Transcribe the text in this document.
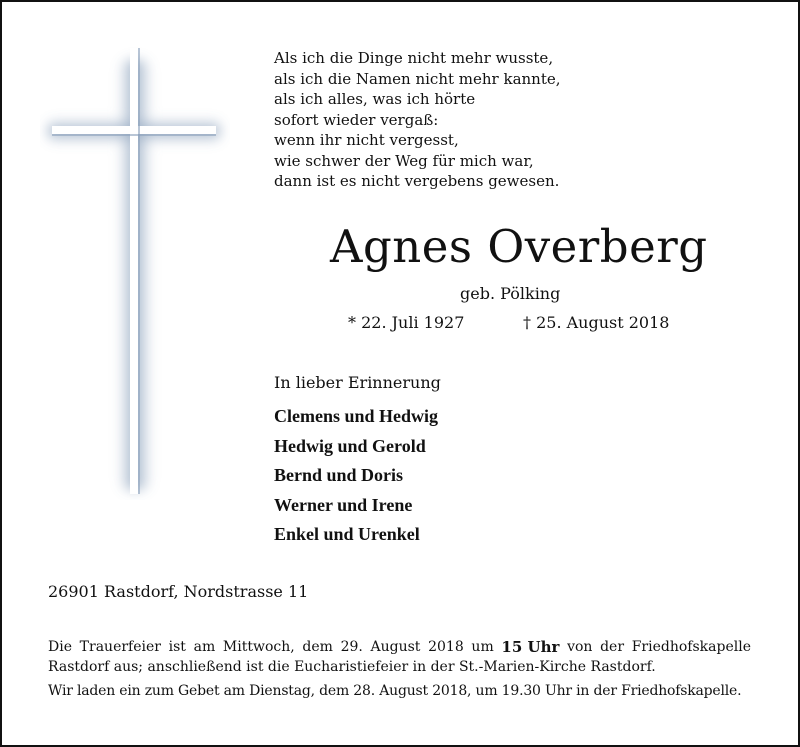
Als ich die Dinge nicht mehr wusste,
als ich die Namen nicht mehr kannte,
als ich alles, was ich hörte
sofort wieder vergaß:
wenn ihr nicht vergesst,
wie schwer der Weg für mich war,
dann ist es nicht vergebens gewesen.
Agnes Overberg
geb. Pölking
* 22. Juli 1927	† 25. August 2018
In lieber Erinnerung
Clemens und Hedwig
Hedwig und Gerold
Bernd und Doris
Werner und Irene
Enkel und Urenkel
26901 Rastdorf, Nordstrasse 11
Die Trauerfeier ist am Mittwoch, dem 29. August 2018 um 15 Uhr von der Friedhofskapelle
Rastdorf aus; anschließend ist die Eucharistiefeier in der St.-Marien-Kirche Rastdorf.
Wir laden ein zum Gebet am Dienstag, dem 28. August 2018, um 19.30 Uhr in der Friedhofskapelle.
